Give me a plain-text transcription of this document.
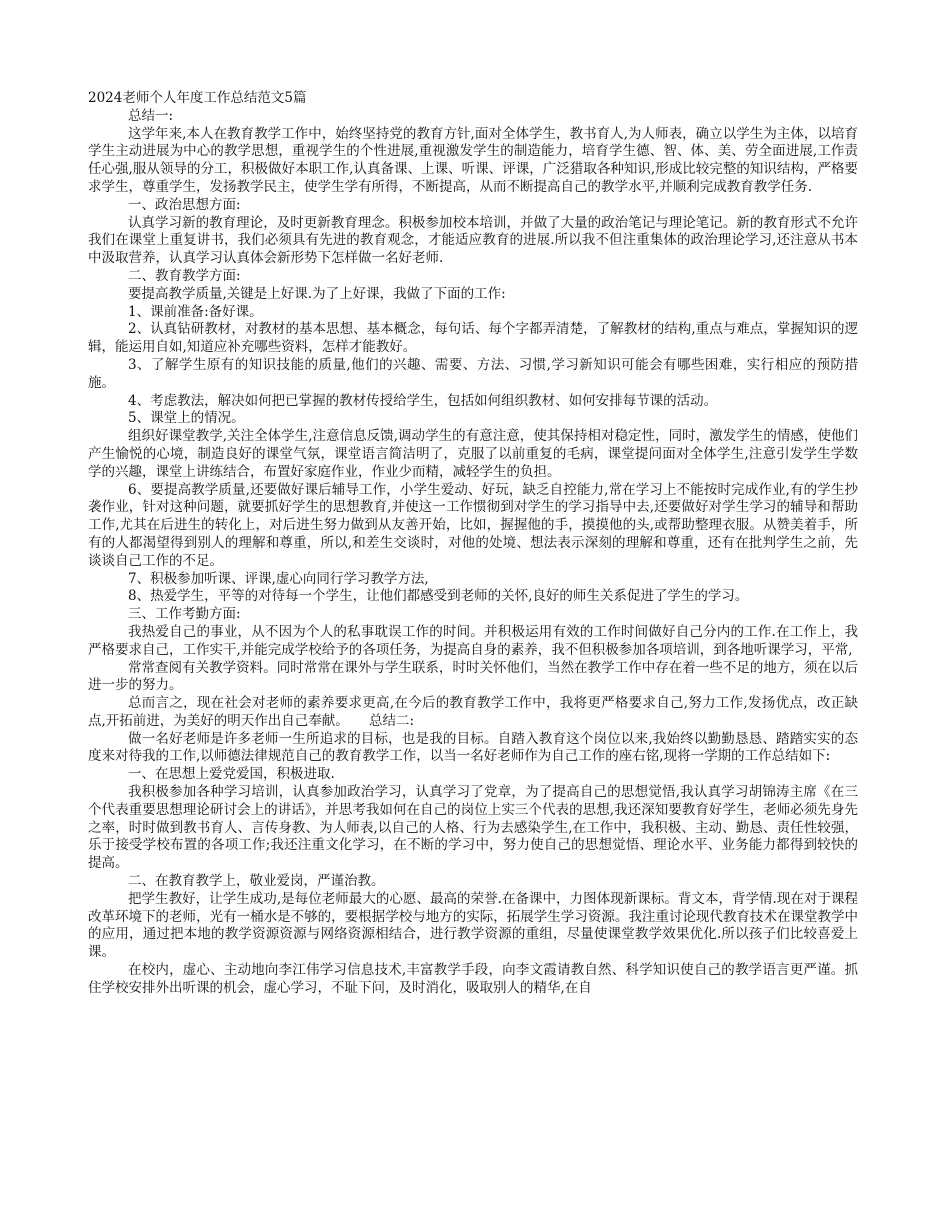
2024老师个人年度工作总结范文5篇

总结一:

这学年来,本人在教育教学工作中，始终坚持党的教育方针,面对全体学生，教书育人,为人师表，确立以学生为主体，以培育学生主动进展为中心的教学思想，重视学生的个性进展,重视激发学生的制造能力，培育学生德、智、体、美、劳全面进展,工作责任心强,服从领导的分工，积极做好本职工作,认真备课、上课、听课、评课，广泛猎取各种知识,形成比较完整的知识结构，严格要求学生，尊重学生，发扬教学民主，使学生学有所得，不断提高，从而不断提高自己的教学水平,并顺利完成教育教学任务.

一、政治思想方面:

认真学习新的教育理论，及时更新教育理念。积极参加校本培训，并做了大量的政治笔记与理论笔记。新的教育形式不允许我们在课堂上重复讲书，我们必须具有先进的教育观念，才能适应教育的进展.所以我不但注重集体的政治理论学习,还注意从书本中汲取营养，认真学习认真体会新形势下怎样做一名好老师.

二、教育教学方面:

要提高教学质量,关键是上好课.为了上好课，我做了下面的工作:

1、课前准备:备好课。

2、认真钻研教材，对教材的基本思想、基本概念，每句话、每个字都弄清楚，了解教材的结构,重点与难点，掌握知识的逻辑，能运用自如,知道应补充哪些资料，怎样才能教好。

3、了解学生原有的知识技能的质量,他们的兴趣、需要、方法、习惯,学习新知识可能会有哪些困难，实行相应的预防措施。

4、考虑教法，解决如何把已掌握的教材传授给学生，包括如何组织教材、如何安排每节课的活动。

5、课堂上的情况。

组织好课堂教学,关注全体学生,注意信息反馈,调动学生的有意注意，使其保持相对稳定性，同时，激发学生的情感，使他们产生愉悦的心境，制造良好的课堂气氛，课堂语言简洁明了，克服了以前重复的毛病，课堂提问面对全体学生,注意引发学生学数学的兴趣，课堂上讲练结合，布置好家庭作业，作业少而精，减轻学生的负担。

6、要提高教学质量,还要做好课后辅导工作，小学生爱动、好玩，缺乏自控能力,常在学习上不能按时完成作业,有的学生抄袭作业，针对这种问题，就要抓好学生的思想教育,并使这一工作惯彻到对学生的学习指导中去,还要做好对学生学习的辅导和帮助工作,尤其在后进生的转化上，对后进生努力做到从友善开始，比如，握握他的手，摸摸他的头,或帮助整理衣服。从赞美着手，所有的人都渴望得到别人的理解和尊重，所以,和差生交谈时，对他的处境、想法表示深刻的理解和尊重，还有在批判学生之前，先谈谈自己工作的不足。

7、积极参加听课、评课,虚心向同行学习教学方法,

8、热爱学生，平等的对待每一个学生，让他们都感受到老师的关怀,良好的师生关系促进了学生的学习。

三、工作考勤方面:

我热爱自己的事业，从不因为个人的私事耽误工作的时间。并积极运用有效的工作时间做好自己分内的工作.在工作上，我严格要求自己，工作实干,并能完成学校给予的各项任务，为提高自身的素养，我不但积极参加各项培训，到各地听课学习，平常,

常常查阅有关教学资料。同时常常在课外与学生联系，时时关怀他们，当然在教学工作中存在着一些不足的地方，须在以后进一步的努力。

总而言之，现在社会对老师的素养要求更高,在今后的教育教学工作中，我将更严格要求自己,努力工作,发扬优点，改正缺点,开拓前进，为美好的明天作出自己奉献。　　总结二:

做一名好老师是许多老师一生所追求的目标，也是我的目标。自踏入教育这个岗位以来,我始终以勤勤恳恳、踏踏实实的态度来对待我的工作,以师德法律规范自己的教育教学工作，以当一名好老师作为自己工作的座右铭,现将一学期的工作总结如下:

一、在思想上爱党爱国，积极进取.

我积极参加各种学习培训，认真参加政治学习，认真学习了党章，为了提高自己的思想觉悟,我认真学习胡锦涛主席《在三个代表重要思想理论研讨会上的讲话》，并思考我如何在自己的岗位上实三个代表的思想,我还深知要教育好学生，老师必须先身先之率，时时做到教书育人、言传身教、为人师表,以自己的人格、行为去感染学生,在工作中，我积极、主动、勤恳、责任性较强，乐于接受学校布置的各项工作;我还注重文化学习，在不断的学习中，努力使自己的思想觉悟、理论水平、业务能力都得到较快的提高。

二、在教育教学上，敬业爱岗，严谨治教。

把学生教好，让学生成功,是每位老师最大的心愿、最高的荣誉.在备课中，力图体现新课标。背文本，背学情.现在对于课程改革环境下的老师，光有一桶水是不够的，要根据学校与地方的实际，拓展学生学习资源。我注重讨论现代教育技术在课堂教学中的应用，通过把本地的教学资源资源与网络资源相结合，进行教学资源的重组，尽量使课堂教学效果优化.所以孩子们比较喜爱上课。

在校内，虚心、主动地向李江伟学习信息技术,丰富教学手段，向李文霞请教自然、科学知识使自己的教学语言更严谨。抓住学校安排外出听课的机会，虚心学习，不耻下问，及时消化，吸取别人的精华,在自
